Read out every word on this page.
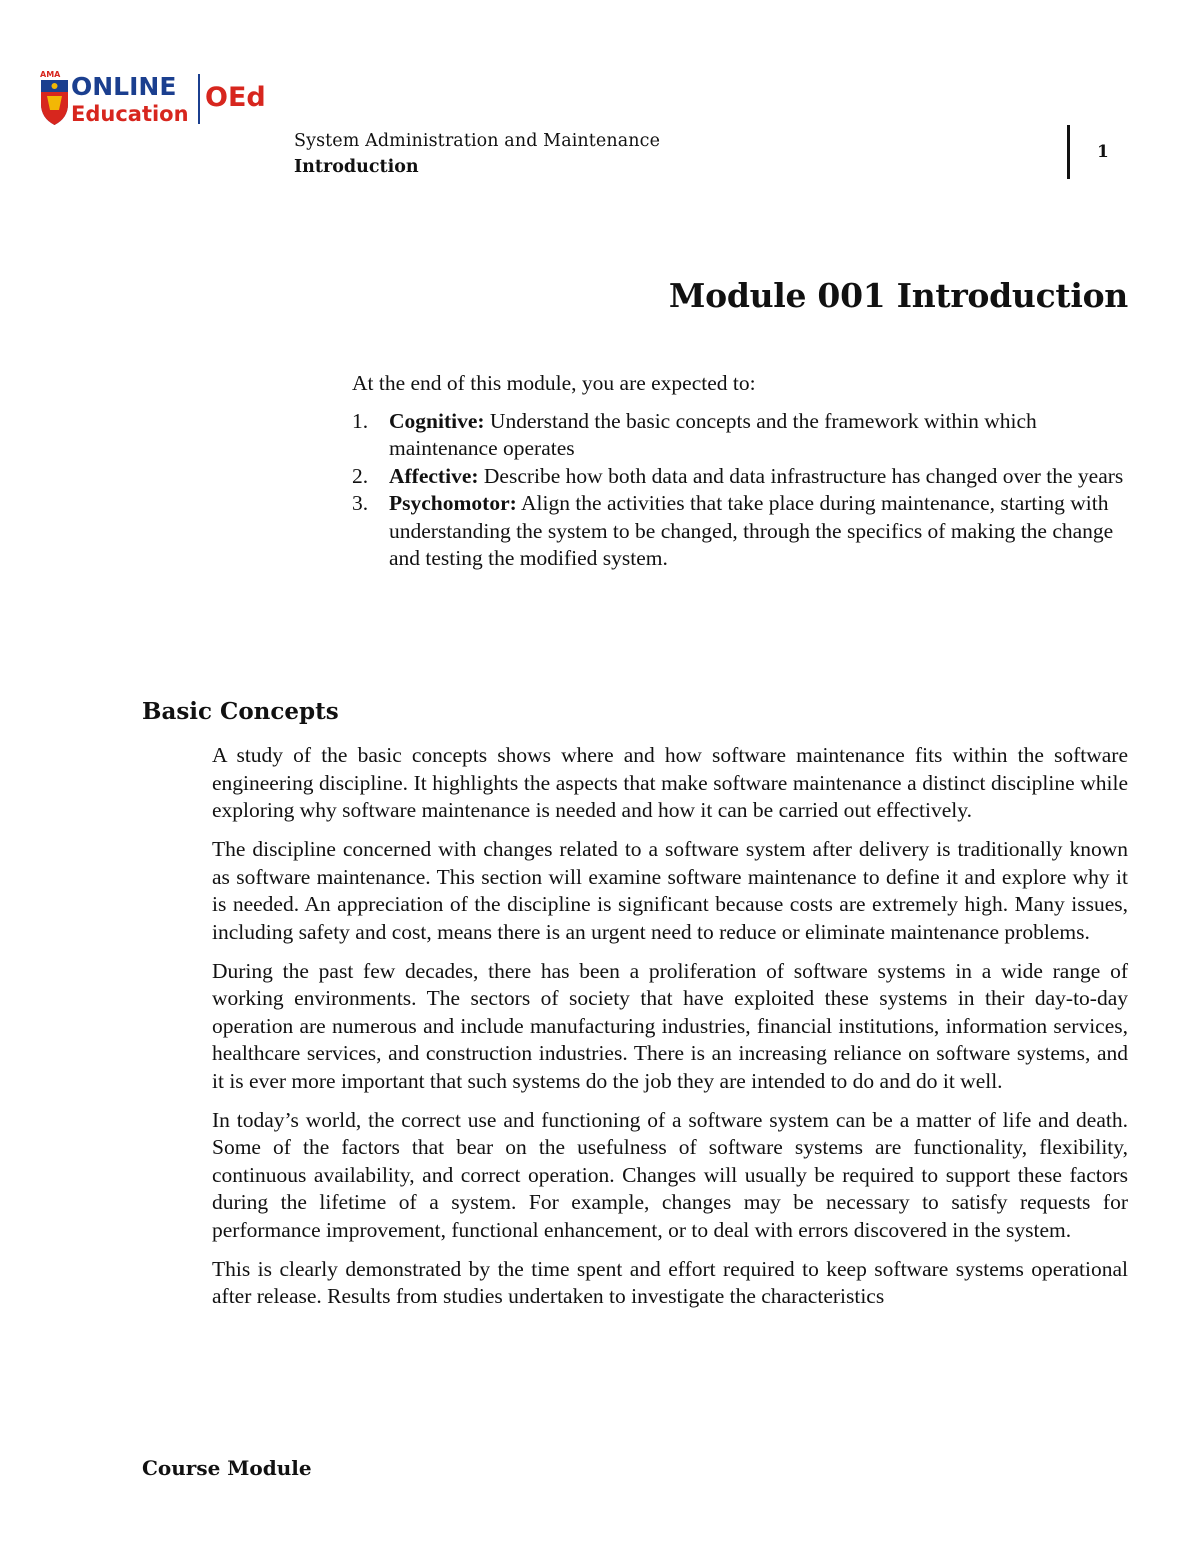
AMA ONLINE
Education
OEd
System Administration and Maintenance
Introduction
1
Module 001 Introduction

At the end of this module, you are expected to:

1. Cognitive: Understand the basic concepts and the framework within which maintenance operates
2. Affective: Describe how both data and data infrastructure has changed over the years
3. Psychomotor: Align the activities that take place during maintenance, starting with understanding the system to be changed, through the specifics of making the change and testing the modified system.
Basic Concepts

A study of the basic concepts shows where and how software maintenance fits within the software engineering discipline. It highlights the aspects that make software maintenance a distinct discipline while exploring why software maintenance is needed and how it can be carried out effectively.

The discipline concerned with changes related to a software system after delivery is traditionally known as software maintenance. This section will examine software maintenance to define it and explore why it is needed. An appreciation of the discipline is significant because costs are extremely high. Many issues, including safety and cost, means there is an urgent need to reduce or eliminate maintenance problems.

During the past few decades, there has been a proliferation of software systems in a wide range of working environments. The sectors of society that have exploited these systems in their day-to-day operation are numerous and include manufacturing industries, financial institutions, information services, healthcare services, and construction industries. There is an increasing reliance on software systems, and it is ever more important that such systems do the job they are intended to do and do it well.

In today’s world, the correct use and functioning of a software system can be a matter of life and death. Some of the factors that bear on the usefulness of software systems are functionality, flexibility, continuous availability, and correct operation. Changes will usually be required to support these factors during the lifetime of a system. For example, changes may be necessary to satisfy requests for performance improvement, functional enhancement, or to deal with errors discovered in the system.

This is clearly demonstrated by the time spent and effort required to keep software systems operational after release. Results from studies undertaken to investigate the characteristics

Course Module
